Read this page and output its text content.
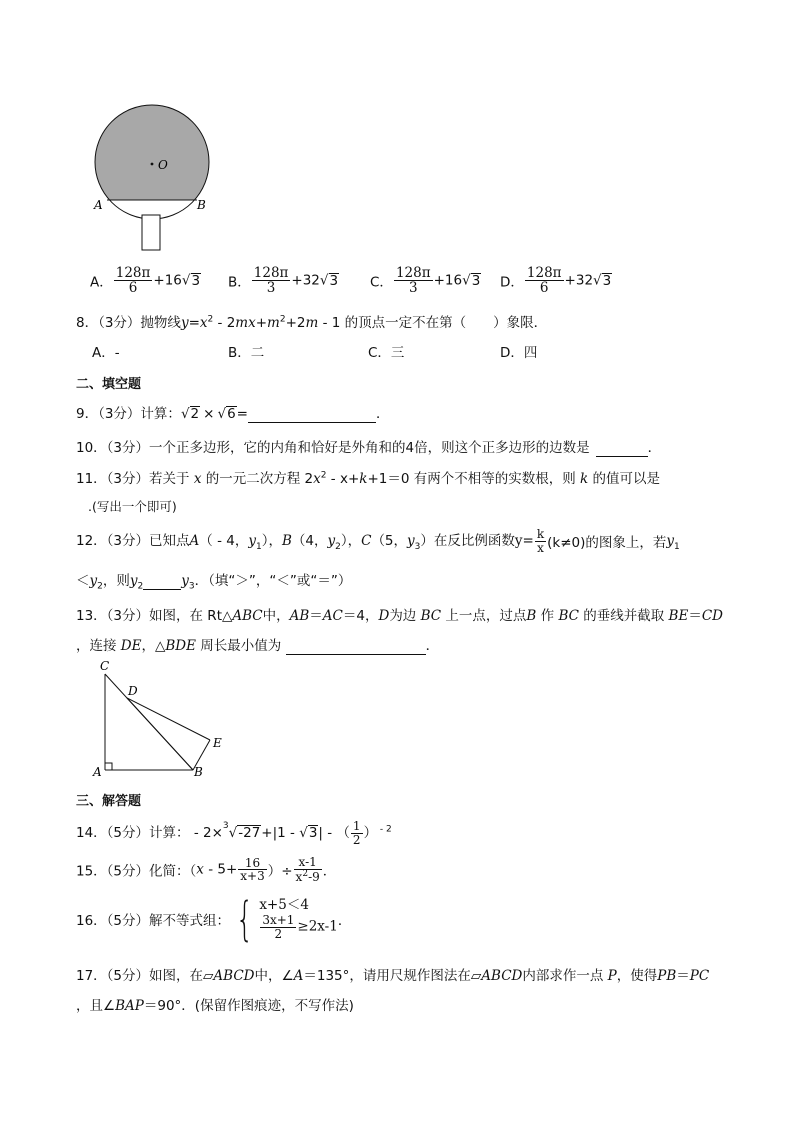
O
A	B
A． $\frac{128\pi}{6} +16√3$ B． $\frac{128\pi}{3} +32√3$ C． $\frac{128\pi}{3} +16√3$ D． $\frac{128\pi}{6} +32√3$
8．（3分）抛物线$y=x^2 - 2mx+m^2+2m - 1$ 的顶点一定不在第（　　）象限．
A．-	B．二	C．三	D．四
二、填空题
9．（3分）计算：√2 × √6=	．
10．（3分）一个正多边形，它的内角和恰好是外角和的4倍，则这个正多边形的边数是	．
11．（3分）若关于 x 的一元二次方程 $2x^2 - x+k+1=0$ 有两个不相等的实数根，则 k 的值可以是
.(写出一个即可)
12．（3分）已知点A（ - 4，$y_1$），B（4，$y_2$），C（5，$y_3$）在反比例函数$y= \frac{k}{x} (k\ne 0)$的图象上，若$y_1$
$<y_2$，则$y_2$	$y_3$．（填“＞”，“＜”或“＝”）
13．（3分）如图，在 Rt△ABC中，AB＝AC＝4，D为边 BC 上一点，过点B 作 BC 的垂线并截取 BE＝CD
，连接 DE，△BDE 周长最小值为	．
C
D
E
A	B
三、解答题
14．（5分）计算： - 2×$^3$√-27+|1 - √3| - （ $\frac{1}{2}$ ） $^{- 2}$
15．（5分）化简：（$x - 5+ \frac{16}{x+3}$ ）÷ $\frac{x-1}{x^2-9}$ ．
16．（5分）解不等式组： { x+5＜4
$\frac{3x+1}{2} \ge 2x-1$ ．
17．（5分）如图，在▱ABCD中，∠A＝135°，请用尺规作图法在▱ABCD内部求作一点 P，使得PB＝PC
，且∠BAP＝90°．(保留作图痕迹，不写作法)
